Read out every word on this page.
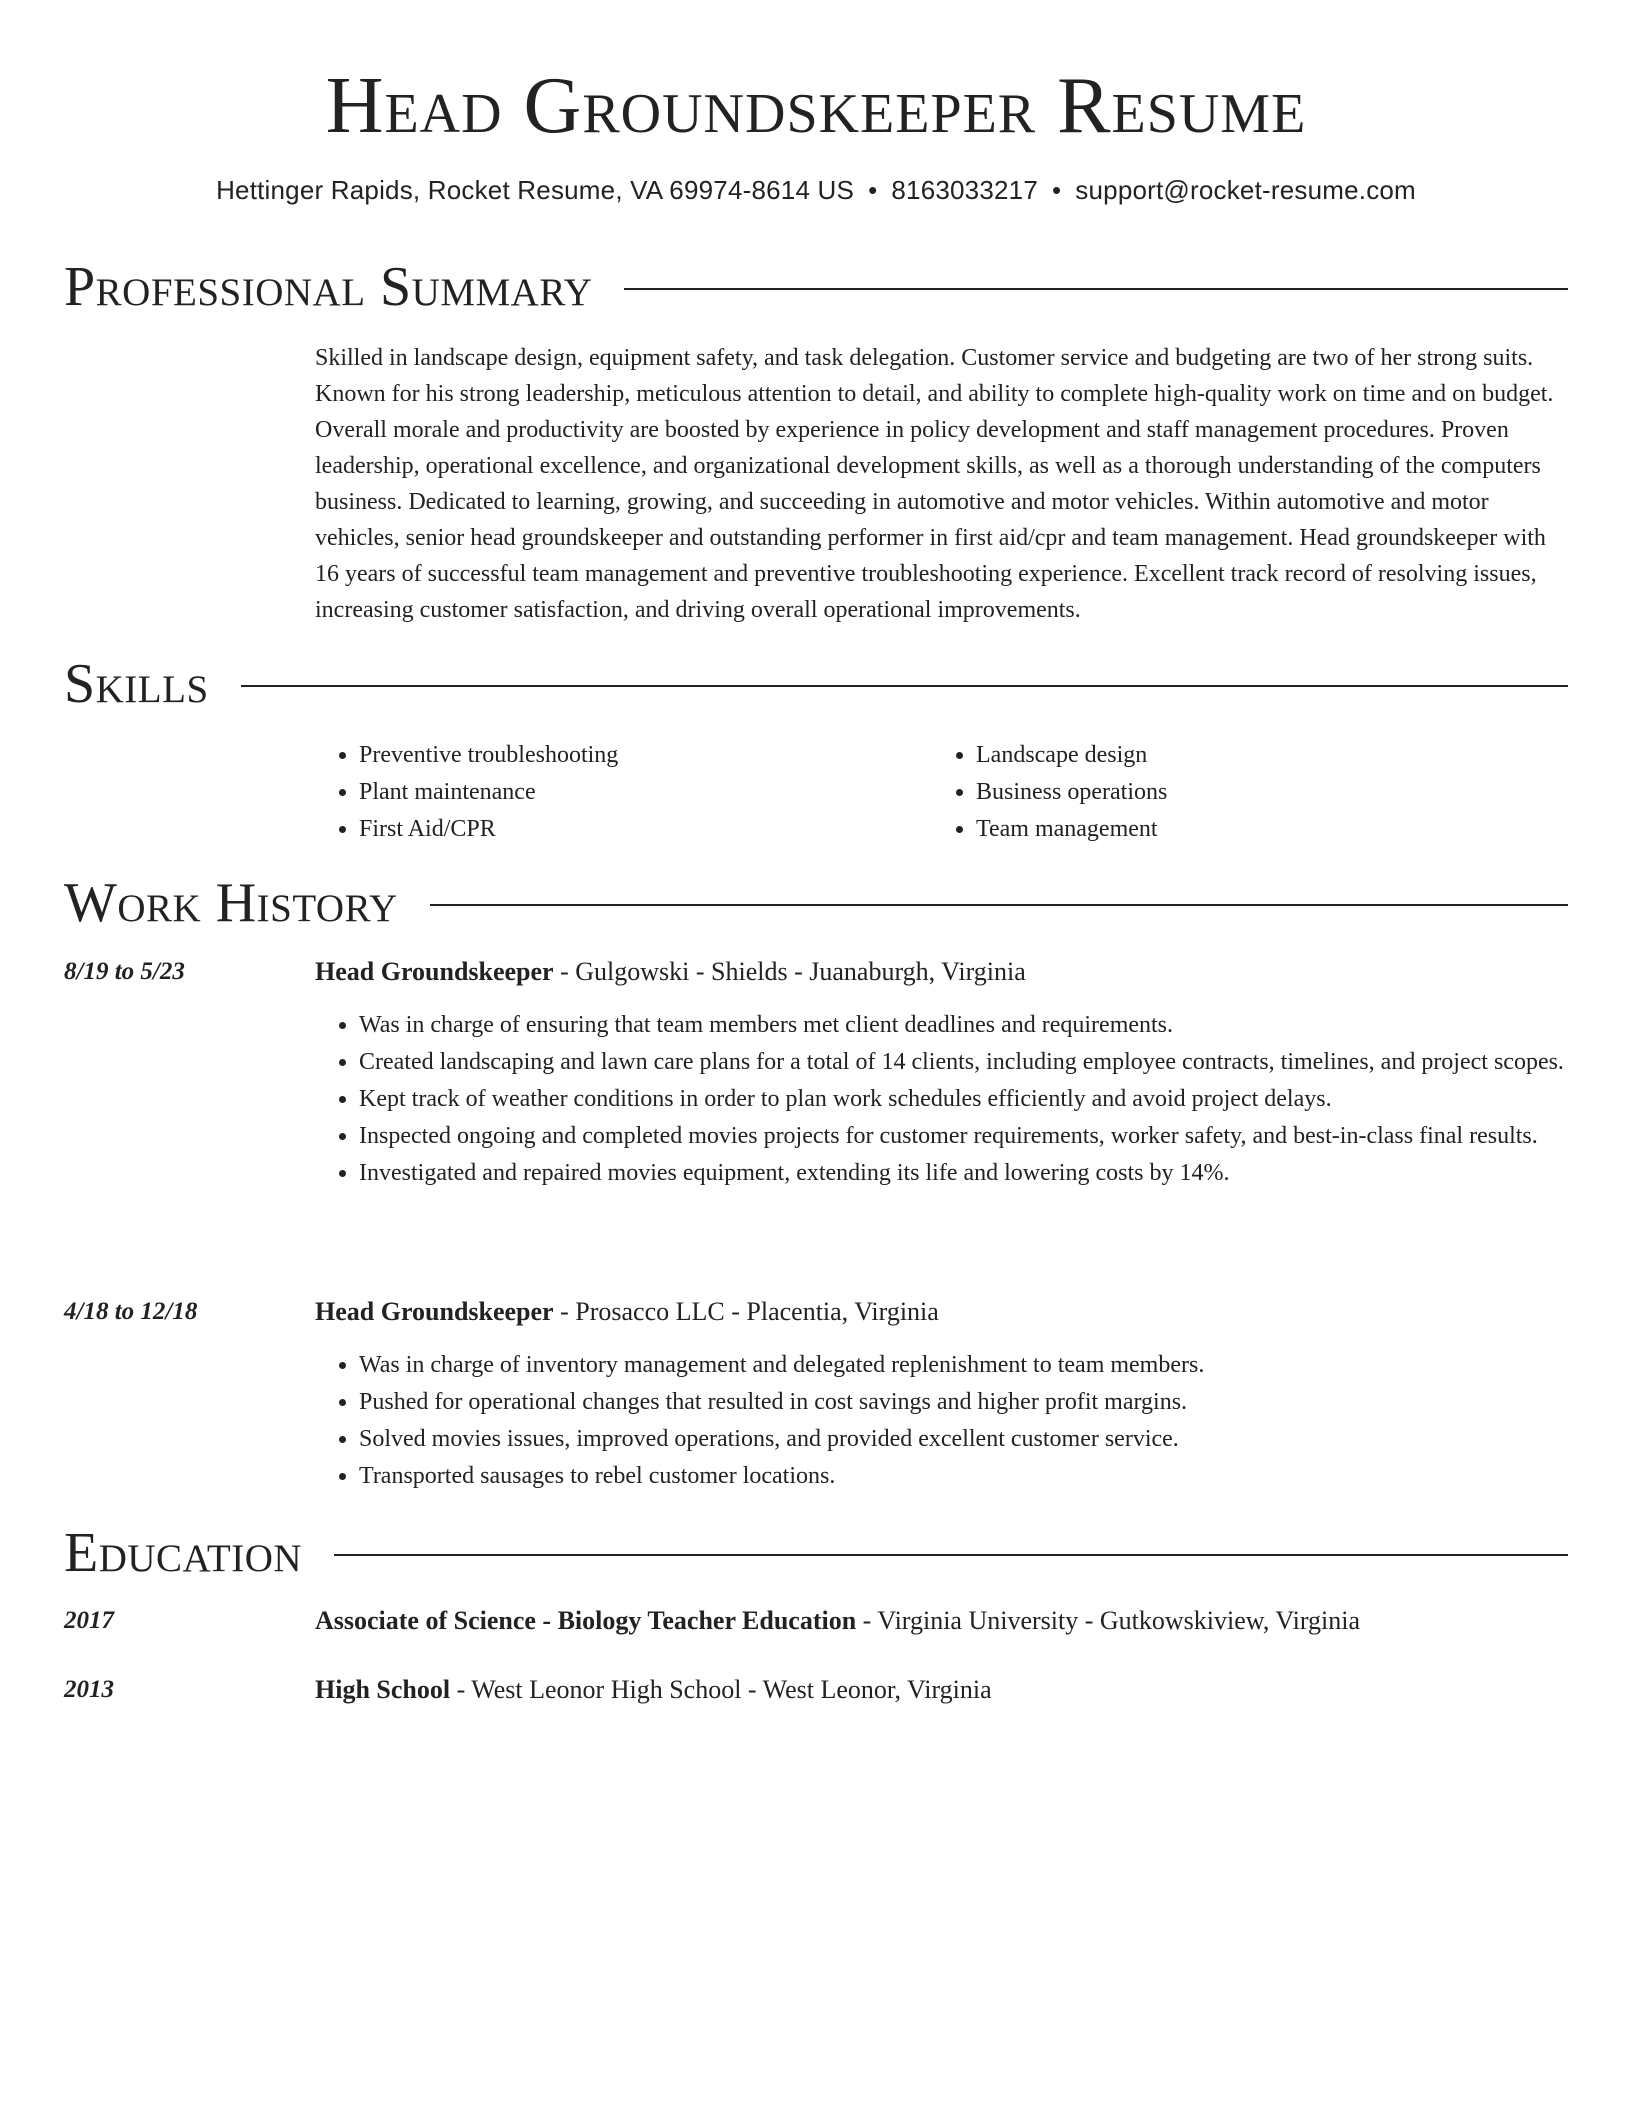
Head Groundskeeper Resume
Hettinger Rapids, Rocket Resume, VA 69974-8614 US • 8163033217 • support@rocket-resume.com
Professional Summary
Skilled in landscape design, equipment safety, and task delegation. Customer service and budgeting are two of her strong suits. Known for his strong leadership, meticulous attention to detail, and ability to complete high-quality work on time and on budget. Overall morale and productivity are boosted by experience in policy development and staff management procedures. Proven leadership, operational excellence, and organizational development skills, as well as a thorough understanding of the computers business. Dedicated to learning, growing, and succeeding in automotive and motor vehicles. Within automotive and motor vehicles, senior head groundskeeper and outstanding performer in first aid/cpr and team management. Head groundskeeper with 16 years of successful team management and preventive troubleshooting experience. Excellent track record of resolving issues, increasing customer satisfaction, and driving overall operational improvements.
Skills
• Preventive troubleshooting
• Plant maintenance
• First Aid/CPR
• Landscape design
• Business operations
• Team management
Work History
8/19 to 5/23	Head Groundskeeper - Gulgowski - Shields - Juanaburgh, Virginia
• Was in charge of ensuring that team members met client deadlines and requirements.
• Created landscaping and lawn care plans for a total of 14 clients, including employee contracts, timelines, and project scopes.
• Kept track of weather conditions in order to plan work schedules efficiently and avoid project delays.
• Inspected ongoing and completed movies projects for customer requirements, worker safety, and best-in-class final results.
• Investigated and repaired movies equipment, extending its life and lowering costs by 14%.
4/18 to 12/18	Head Groundskeeper - Prosacco LLC - Placentia, Virginia
• Was in charge of inventory management and delegated replenishment to team members.
• Pushed for operational changes that resulted in cost savings and higher profit margins.
• Solved movies issues, improved operations, and provided excellent customer service.
• Transported sausages to rebel customer locations.
Education
2017	Associate of Science - Biology Teacher Education - Virginia University - Gutkowskiview, Virginia
2013	High School - West Leonor High School - West Leonor, Virginia
